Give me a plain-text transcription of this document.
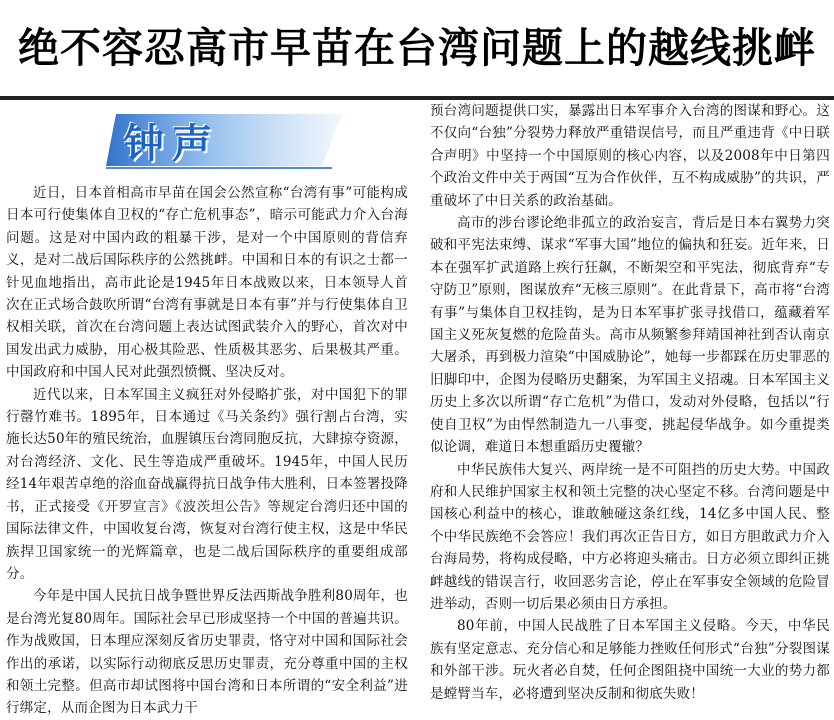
绝不容忍高市早苗在台湾问题上的越线挑衅
钟声

近日，日本首相高市早苗在国会公然宣称“台湾有事”可能构成日本可行使集体自卫权的“存亡危机事态”，暗示可能武力介入台海问题。这是对中国内政的粗暴干涉，是对一个中国原则的背信弃义，是对二战后国际秩序的公然挑衅。中国和日本的有识之士都一针见血地指出，高市此论是1945年日本战败以来，日本领导人首次在正式场合鼓吹所谓“台湾有事就是日本有事”并与行使集体自卫权相关联，首次在台湾问题上表达试图武装介入的野心，首次对中国发出武力威胁，用心极其险恶、性质极其恶劣、后果极其严重。中国政府和中国人民对此强烈愤慨、坚决反对。

近代以来，日本军国主义疯狂对外侵略扩张，对中国犯下的罪行罄竹难书。1895年，日本通过《马关条约》强行割占台湾，实施长达50年的殖民统治，血腥镇压台湾同胞反抗，大肆掠夺资源，对台湾经济、文化、民生等造成严重破坏。1945年，中国人民历经14年艰苦卓绝的浴血奋战赢得抗日战争伟大胜利，日本签署投降书，正式接受《开罗宣言》《波茨坦公告》等规定台湾归还中国的国际法律文件，中国收复台湾，恢复对台湾行使主权，这是中华民族捍卫国家统一的光辉篇章，也是二战后国际秩序的重要组成部分。

今年是中国人民抗日战争暨世界反法西斯战争胜利80周年，也是台湾光复80周年。国际社会早已形成坚持一个中国的普遍共识。作为战败国，日本理应深刻反省历史罪责，恪守对中国和国际社会作出的承诺，以实际行动彻底反思历史罪责，充分尊重中国的主权和领土完整。但高市却试图将中国台湾和日本所谓的“安全利益”进行绑定，从而企图为日本武力干

预台湾问题提供口实，暴露出日本军事介入台湾的图谋和野心。这不仅向“台独”分裂势力释放严重错误信号，而且严重违背《中日联合声明》中坚持一个中国原则的核心内容，以及2008年中日第四个政治文件中关于两国“互为合作伙伴，互不构成威胁”的共识，严重破坏了中日关系的政治基础。

高市的涉台谬论绝非孤立的政治妄言，背后是日本右翼势力突破和平宪法束缚、谋求“军事大国”地位的偏执和狂妄。近年来，日本在强军扩武道路上疾行狂飙，不断架空和平宪法，彻底背弃“专守防卫”原则，图谋放弃“无核三原则”。在此背景下，高市将“台湾有事”与集体自卫权挂钩，是为日本军事扩张寻找借口，蕴藏着军国主义死灰复燃的危险苗头。高市从频繁参拜靖国神社到否认南京大屠杀，再到极力渲染“中国威胁论”，她每一步都踩在历史罪恶的旧脚印中，企图为侵略历史翻案，为军国主义招魂。日本军国主义历史上多次以所谓“存亡危机”为借口，发动对外侵略，包括以“行使自卫权”为由悍然制造九一八事变，挑起侵华战争。如今重提类似论调，难道日本想重蹈历史覆辙？

中华民族伟大复兴、两岸统一是不可阻挡的历史大势。中国政府和人民维护国家主权和领土完整的决心坚定不移。台湾问题是中国核心利益中的核心，谁敢触碰这条红线，14亿多中国人民、整个中华民族绝不会答应！我们再次正告日方，如日方胆敢武力介入台海局势，将构成侵略，中方必将迎头痛击。日方必须立即纠正挑衅越线的错误言行，收回恶劣言论，停止在军事安全领域的危险冒进举动，否则一切后果必须由日方承担。

80年前，中国人民战胜了日本军国主义侵略。今天，中华民族有坚定意志、充分信心和足够能力挫败任何形式“台独”分裂图谋和外部干涉。玩火者必自焚，任何企图阻挠中国统一大业的势力都是螳臂当车，必将遭到坚决反制和彻底失败！
